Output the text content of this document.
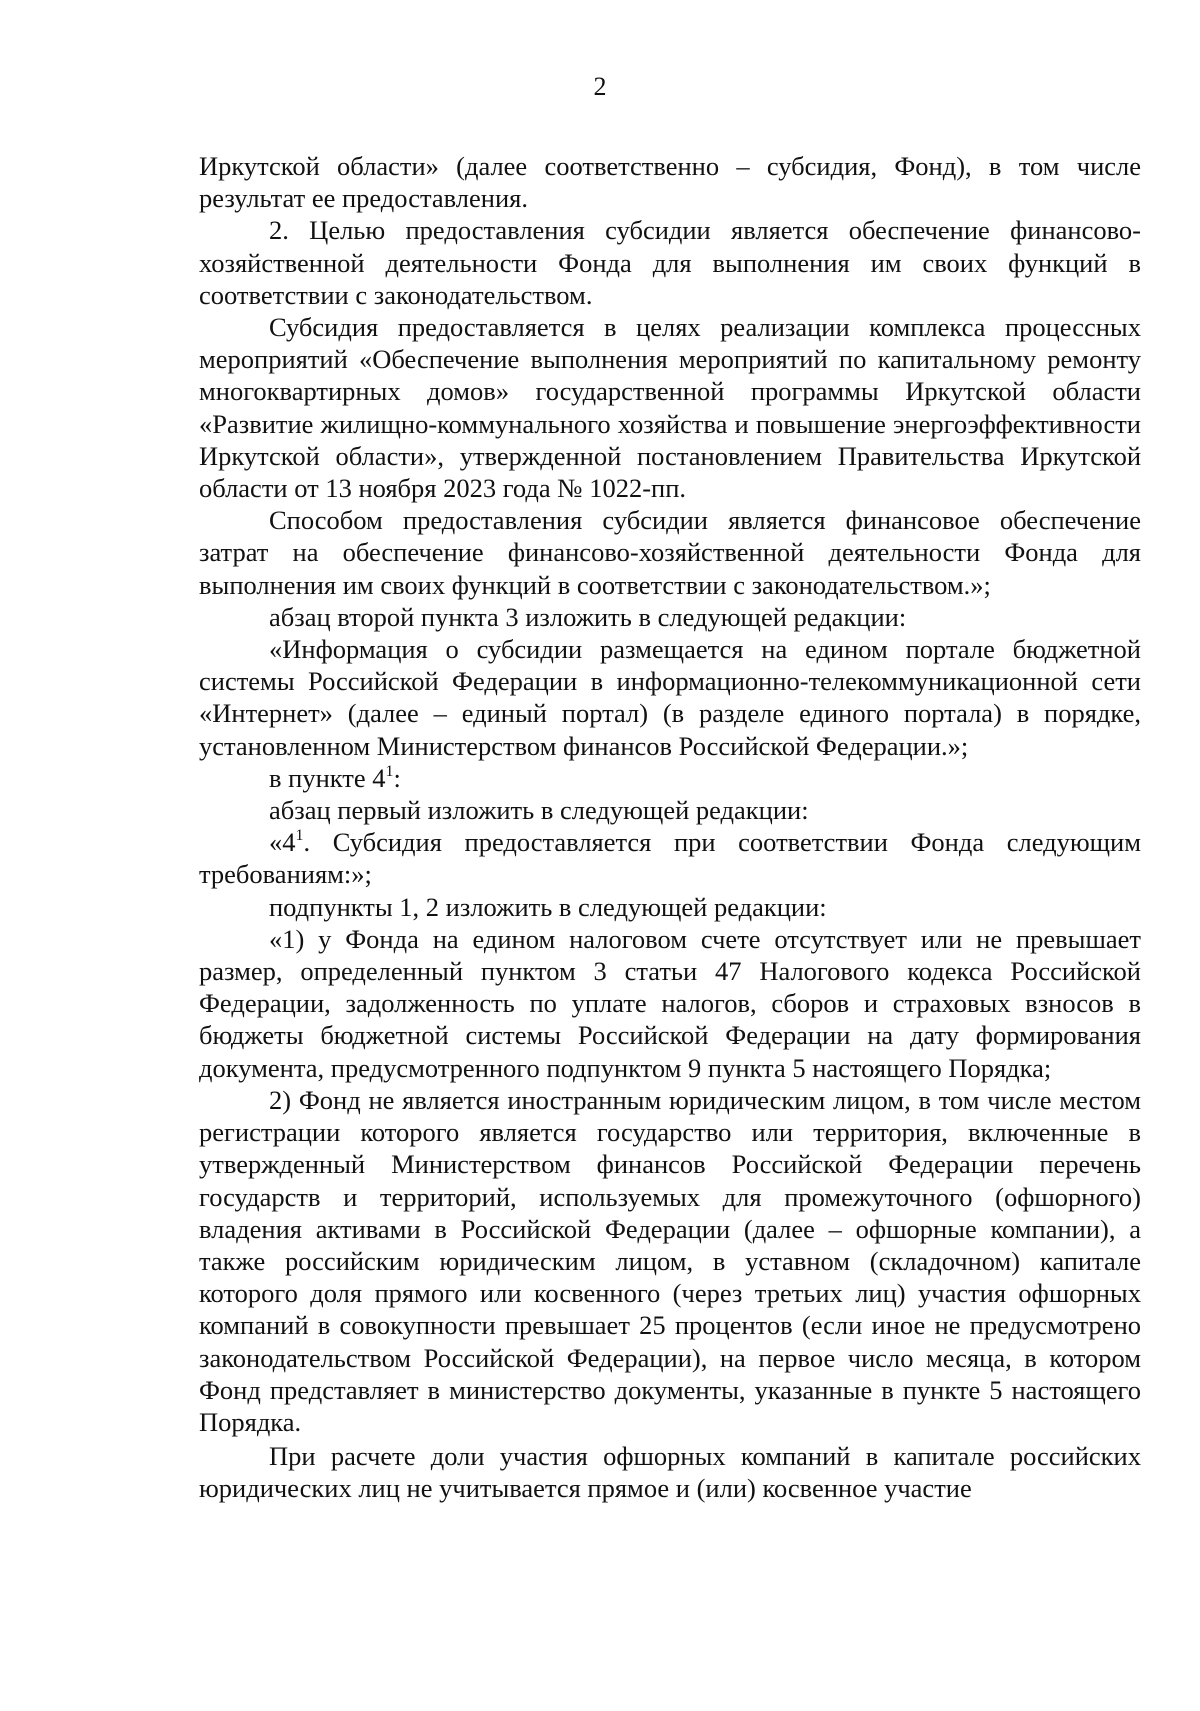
2

Иркутской области» (далее соответственно – субсидия, Фонд), в том числе результат ее предоставления.

2. Целью предоставления субсидии является обеспечение финансово-хозяйственной деятельности Фонда для выполнения им своих функций в соответствии с законодательством.

Субсидия предоставляется в целях реализации комплекса процессных мероприятий «Обеспечение выполнения мероприятий по капитальному ремонту многоквартирных домов» государственной программы Иркутской области «Развитие жилищно-коммунального хозяйства и повышение энергоэффективности Иркутской области», утвержденной постановлением Правительства Иркутской области от 13 ноября 2023 года № 1022-пп.

Способом предоставления субсидии является финансовое обеспечение затрат на обеспечение финансово-хозяйственной деятельности Фонда для выполнения им своих функций в соответствии с законодательством.»;

абзац второй пункта 3 изложить в следующей редакции:

«Информация о субсидии размещается на едином портале бюджетной системы Российской Федерации в информационно-телекоммуникационной сети «Интернет» (далее – единый портал) (в разделе единого портала) в порядке, установленном Министерством финансов Российской Федерации.»;

в пункте $4^1$:

абзац первый изложить в следующей редакции:

«$4^1$. Субсидия предоставляется при соответствии Фонда следующим требованиям:»;

подпункты 1, 2 изложить в следующей редакции:

«1) у Фонда на едином налоговом счете отсутствует или не превышает размер, определенный пунктом 3 статьи 47 Налогового кодекса Российской Федерации, задолженность по уплате налогов, сборов и страховых взносов в бюджеты бюджетной системы Российской Федерации на дату формирования документа, предусмотренного подпунктом 9 пункта 5 настоящего Порядка;

2) Фонд не является иностранным юридическим лицом, в том числе местом регистрации которого является государство или территория, включенные в утвержденный Министерством финансов Российской Федерации перечень государств и территорий, используемых для промежуточного (офшорного) владения активами в Российской Федерации (далее – офшорные компании), а также российским юридическим лицом, в уставном (складочном) капитале которого доля прямого или косвенного (через третьих лиц) участия офшорных компаний в совокупности превышает 25 процентов (если иное не предусмотрено законодательством Российской Федерации), на первое число месяца, в котором Фонд представляет в министерство документы, указанные в пункте 5 настоящего Порядка.

При расчете доли участия офшорных компаний в капитале российских юридических лиц не учитывается прямое и (или) косвенное участие
